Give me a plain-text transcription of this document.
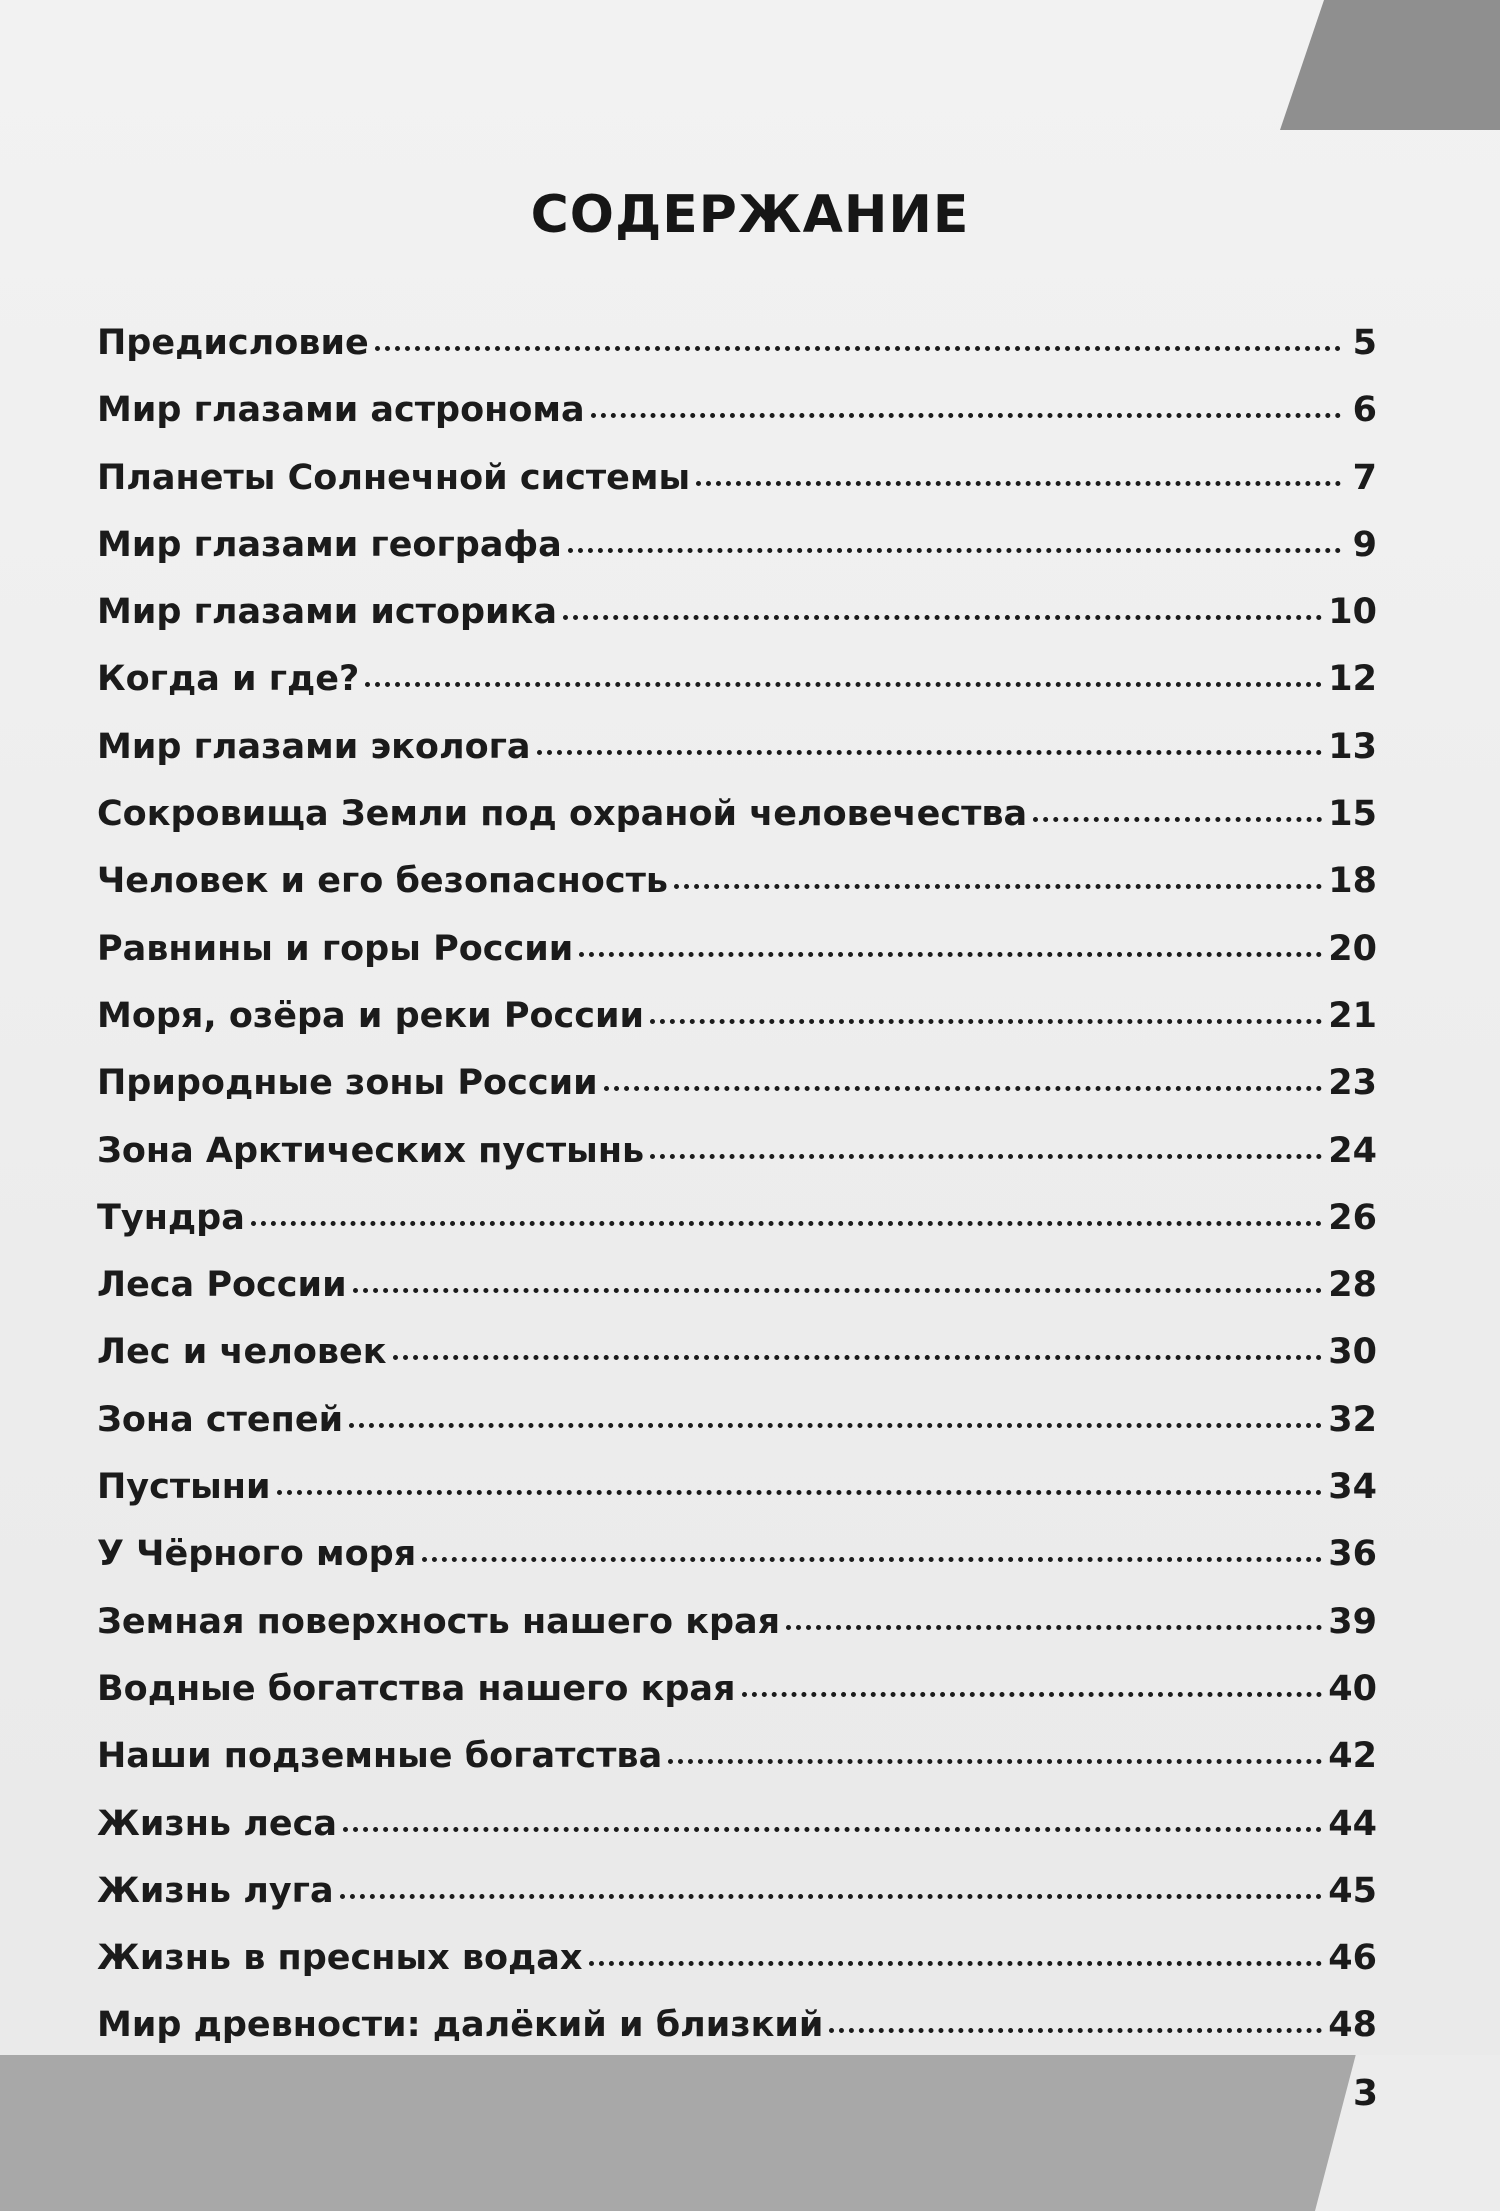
СОДЕРЖАНИЕ
Предисловие	5
Мир глазами астронома	6
Планеты Солнечной системы	7
Мир глазами географа	9
Мир глазами историка	10
Когда и где?	12
Мир глазами эколога	13
Сокровища Земли под охраной человечества	15
Человек и его безопасность	18
Равнины и горы России	20
Моря, озёра и реки России	21
Природные зоны России	23
Зона Арктических пустынь	24
Тундра	26
Леса России	28
Лес и человек	30
Зона степей	32
Пустыни	34
У Чёрного моря	36
Земная поверхность нашего края	39
Водные богатства нашего края	40
Наши подземные богатства	42
Жизнь леса	44
Жизнь луга	45
Жизнь в пресных водах	46
Мир древности: далёкий и близкий	48
3
